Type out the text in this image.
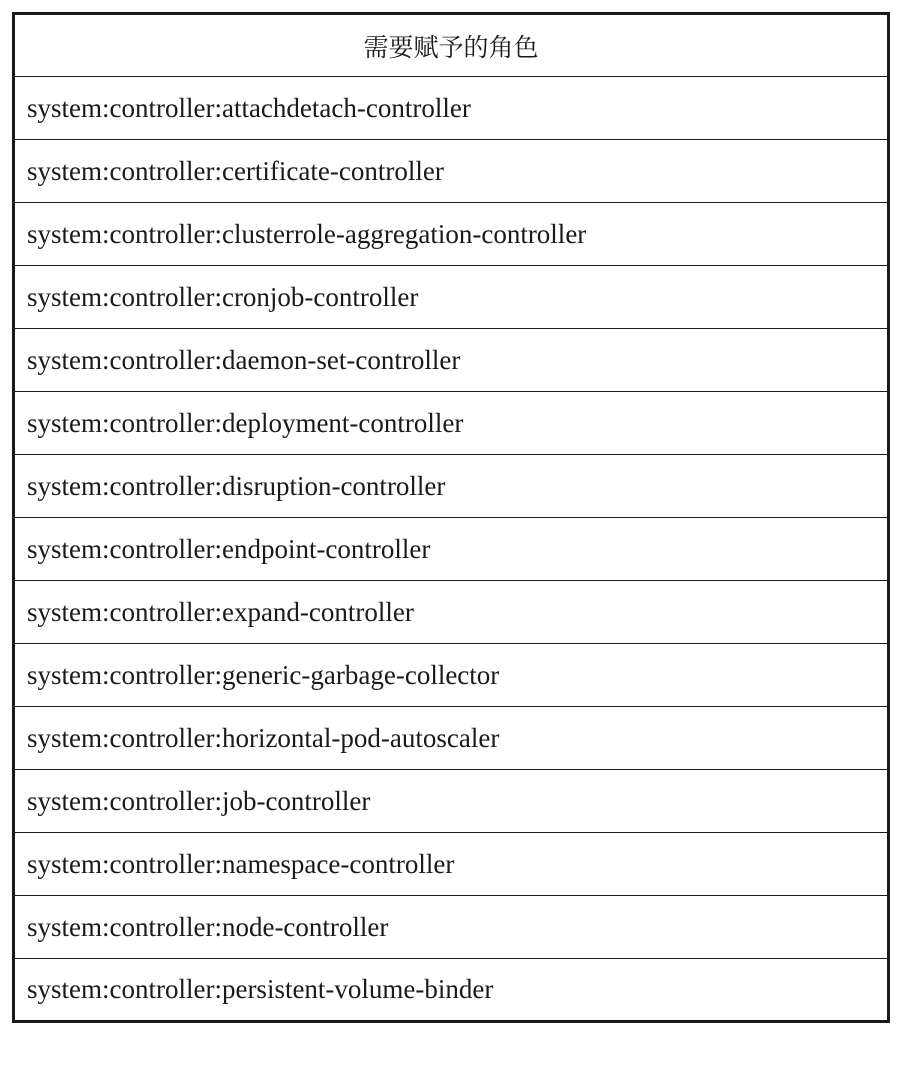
需要赋予的角色
system:controller:attachdetach-controller
system:controller:certificate-controller
system:controller:clusterrole-aggregation-controller
system:controller:cronjob-controller
system:controller:daemon-set-controller
system:controller:deployment-controller
system:controller:disruption-controller
system:controller:endpoint-controller
system:controller:expand-controller
system:controller:generic-garbage-collector
system:controller:horizontal-pod-autoscaler
system:controller:job-controller
system:controller:namespace-controller
system:controller:node-controller
system:controller:persistent-volume-binder
